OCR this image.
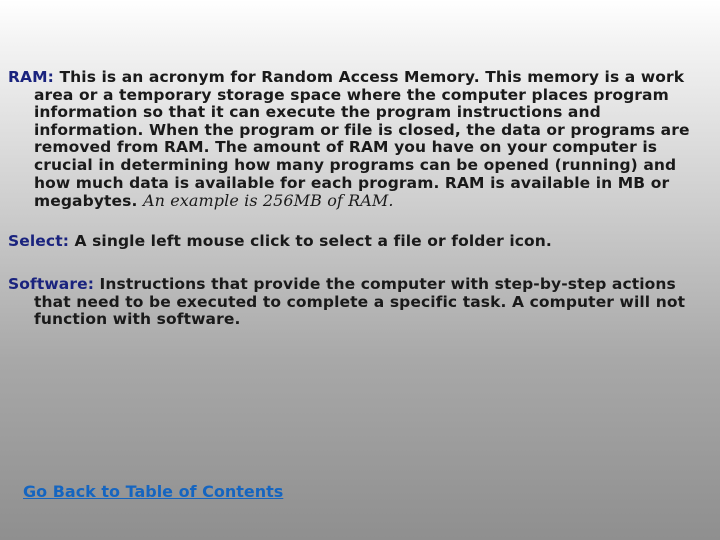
RAM: This is an acronym for Random Access Memory. This memory is a work area or a temporary storage space where the computer places program information so that it can execute the program instructions and information. When the program or file is closed, the data or programs are removed from RAM. The amount of RAM you have on your computer is crucial in determining how many programs can be opened (running) and how much data is available for each program. RAM is available in MB or megabytes. An example is 256MB of RAM.

Select: A single left mouse click to select a file or folder icon.

Software: Instructions that provide the computer with step-by-step actions that need to be executed to complete a specific task. A computer will not function with software.

Go Back to Table of Contents
